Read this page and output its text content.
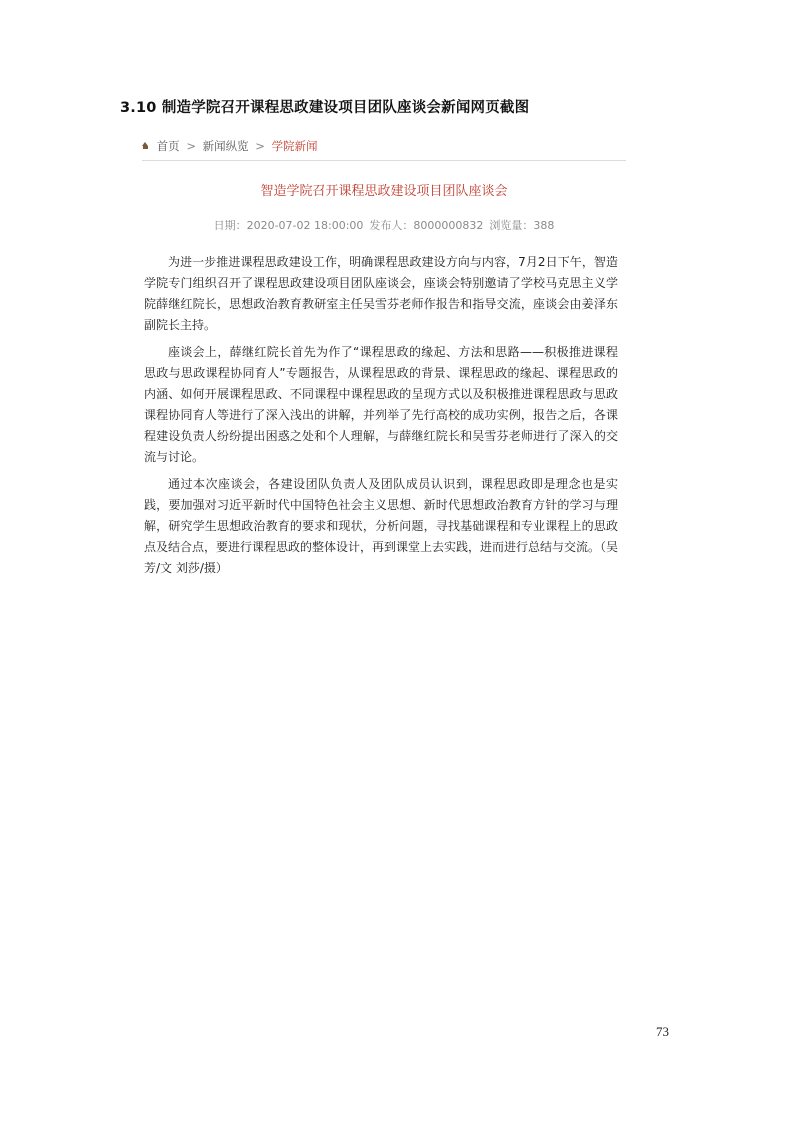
3.10 制造学院召开课程思政建设项目团队座谈会新闻网页截图
首页 > 新闻纵览 > 学院新闻
智造学院召开课程思政建设项目团队座谈会
日期：2020-07-02 18:00:00 发布人：8000000832 浏览量：388

为进一步推进课程思政建设工作，明确课程思政建设方向与内容，7月2日下午，智造学院专门组织召开了课程思政建设项目团队座谈会，座谈会特别邀请了学校马克思主义学院薛继红院长，思想政治教育教研室主任吴雪芬老师作报告和指导交流，座谈会由姜泽东副院长主持。

座谈会上，薛继红院长首先为作了“课程思政的缘起、方法和思路——积极推进课程思政与思政课程协同育人”专题报告，从课程思政的背景、课程思政的缘起、课程思政的内涵、如何开展课程思政、不同课程中课程思政的呈现方式以及积极推进课程思政与思政课程协同育人等进行了深入浅出的讲解，并列举了先行高校的成功实例，报告之后，各课程建设负责人纷纷提出困惑之处和个人理解，与薛继红院长和吴雪芬老师进行了深入的交流与讨论。

通过本次座谈会，各建设团队负责人及团队成员认识到，课程思政即是理念也是实践，要加强对习近平新时代中国特色社会主义思想、新时代思想政治教育方针的学习与理解，研究学生思想政治教育的要求和现状，分析问题，寻找基础课程和专业课程上的思政点及结合点，要进行课程思政的整体设计，再到课堂上去实践，进而进行总结与交流。（吴芳/文 刘莎/摄）

73
